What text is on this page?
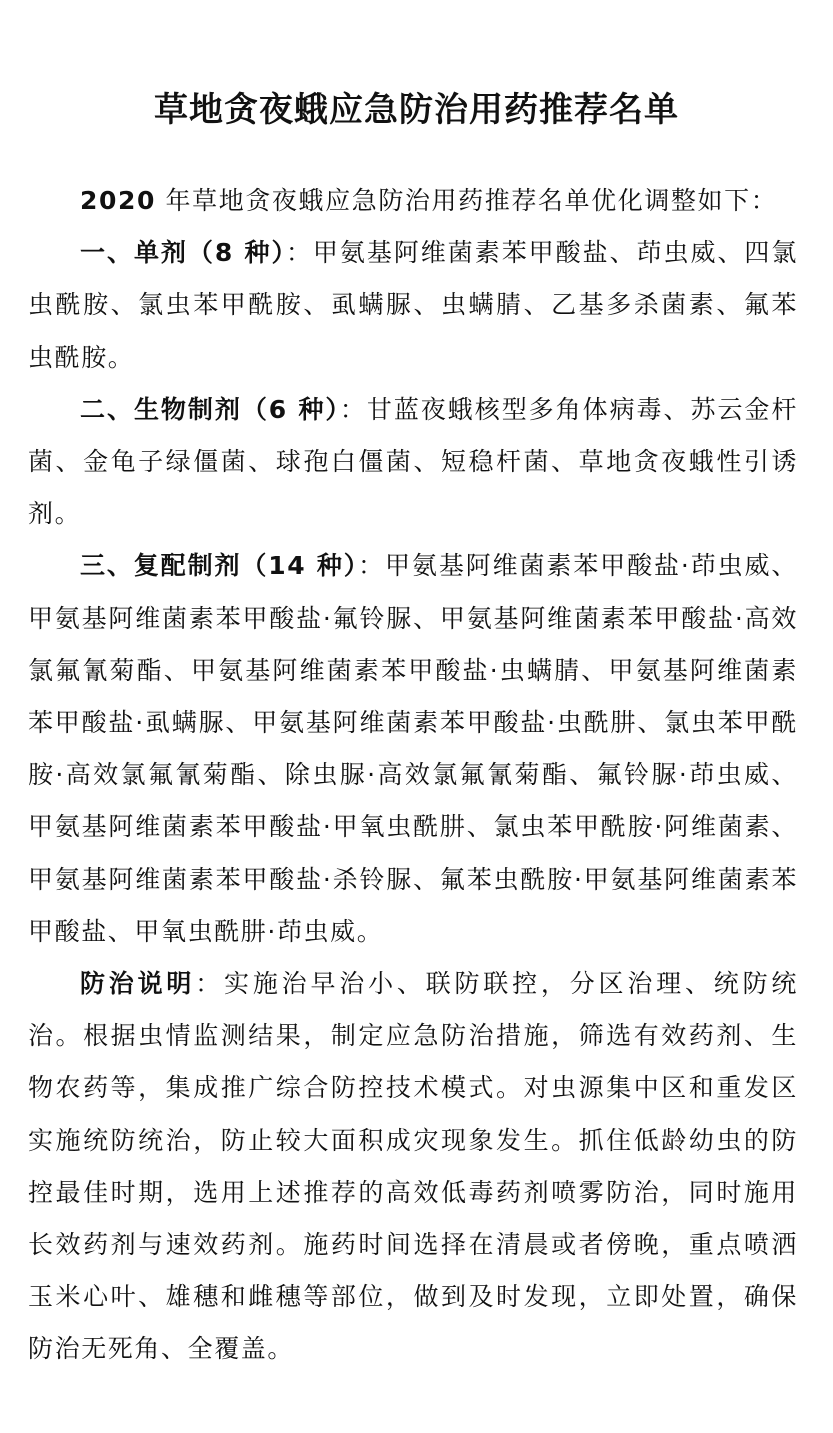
草地贪夜蛾应急防治用药推荐名单

2020 年草地贪夜蛾应急防治用药推荐名单优化调整如下：

一、单剂（8 种）：甲氨基阿维菌素苯甲酸盐、茚虫威、四氯虫酰胺、氯虫苯甲酰胺、虱螨脲、虫螨腈、乙基多杀菌素、氟苯虫酰胺。

二、生物制剂（6 种）：甘蓝夜蛾核型多角体病毒、苏云金杆菌、金龟子绿僵菌、球孢白僵菌、短稳杆菌、草地贪夜蛾性引诱剂。

三、复配制剂（14 种）：甲氨基阿维菌素苯甲酸盐·茚虫威、甲氨基阿维菌素苯甲酸盐·氟铃脲、甲氨基阿维菌素苯甲酸盐·高效氯氟氰菊酯、甲氨基阿维菌素苯甲酸盐·虫螨腈、甲氨基阿维菌素苯甲酸盐·虱螨脲、甲氨基阿维菌素苯甲酸盐·虫酰肼、氯虫苯甲酰胺·高效氯氟氰菊酯、除虫脲·高效氯氟氰菊酯、氟铃脲·茚虫威、甲氨基阿维菌素苯甲酸盐·甲氧虫酰肼、氯虫苯甲酰胺·阿维菌素、甲氨基阿维菌素苯甲酸盐·杀铃脲、氟苯虫酰胺·甲氨基阿维菌素苯甲酸盐、甲氧虫酰肼·茚虫威。

防治说明：实施治早治小、联防联控，分区治理、统防统治。根据虫情监测结果，制定应急防治措施，筛选有效药剂、生物农药等，集成推广综合防控技术模式。对虫源集中区和重发区实施统防统治，防止较大面积成灾现象发生。抓住低龄幼虫的防控最佳时期，选用上述推荐的高效低毒药剂喷雾防治，同时施用长效药剂与速效药剂。施药时间选择在清晨或者傍晚，重点喷洒玉米心叶、雄穗和雌穗等部位，做到及时发现，立即处置，确保防治无死角、全覆盖。
